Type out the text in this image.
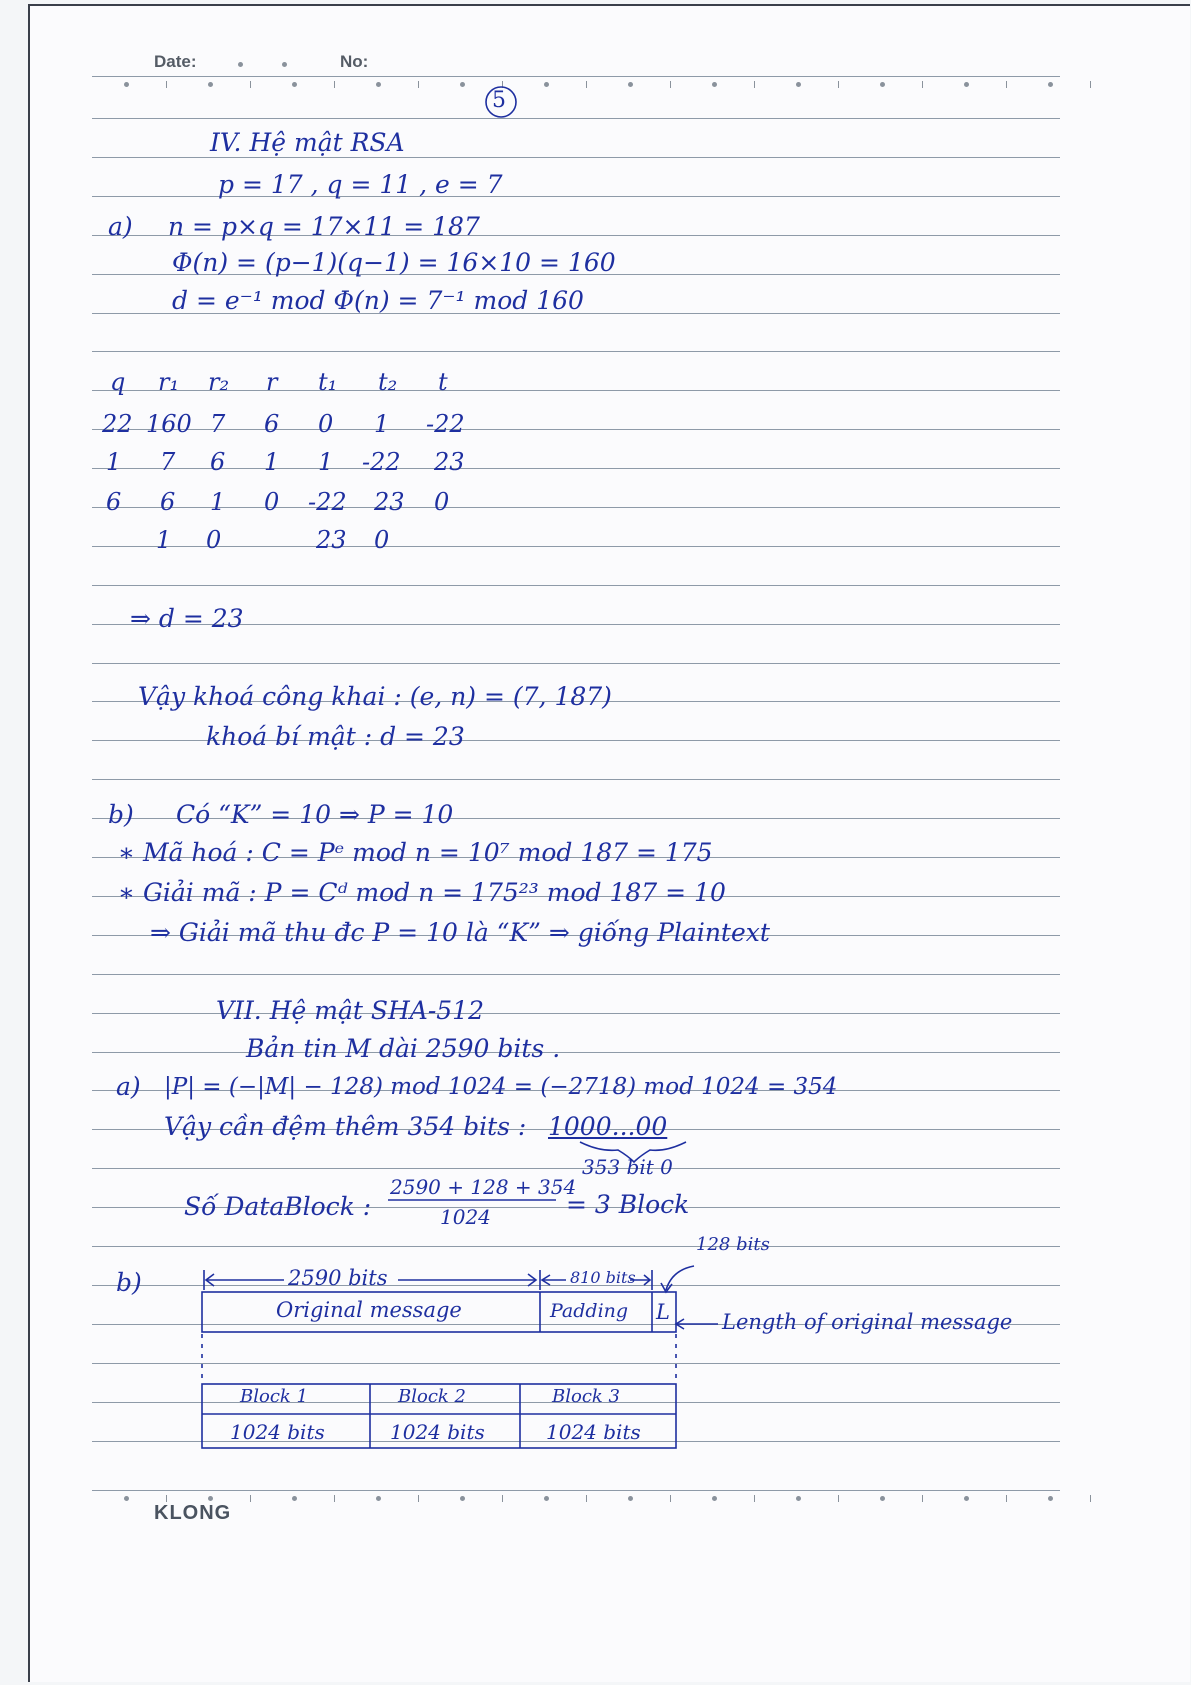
Date:	No:
5
IV. Hệ mật RSA
p = 17 , q = 11 , e = 7
a) n = p×q = 17×11 = 187
Φ(n) = (p−1)(q−1) = 16×10 = 160
d = e⁻¹ mod Φ(n) = 7⁻¹ mod 160
q r₁ r₂ r t₁ t₂ t
22 160 7 6 0 1 -22
1 7 6 1 1 -22 23
6 6 1 0 -22 23 0
1 0	23 0
⇒ d = 23
Vậy khoá công khai : (e, n) = (7, 187)
khoá bí mật : d = 23
b) Có “K” = 10 ⇒ P = 10
∗ Mã hoá : C = Pᵉ mod n = 10⁷ mod 187 = 175
∗ Giải mã : P = Cᵈ mod n = 175²³ mod 187 = 10
⇒ Giải mã thu đc P = 10 là “K” ⇒ giống Plaintext
VII. Hệ mật SHA-512
Bản tin M dài 2590 bits .
a) |P| = (−|M| − 128) mod 1024 = (−2718) mod 1024 = 354
Vậy cần đệm thêm 354 bits : 1000...00
353 bit 0
Số DataBlock :
2590 + 128 + 354
1024	= 3 Block
b)	2590 bits	810 bits
128 bits
Original message	Padding L Length of original message
Block 1	Block 2	Block 3
1024 bits	1024 bits	1024 bits
KLONG
